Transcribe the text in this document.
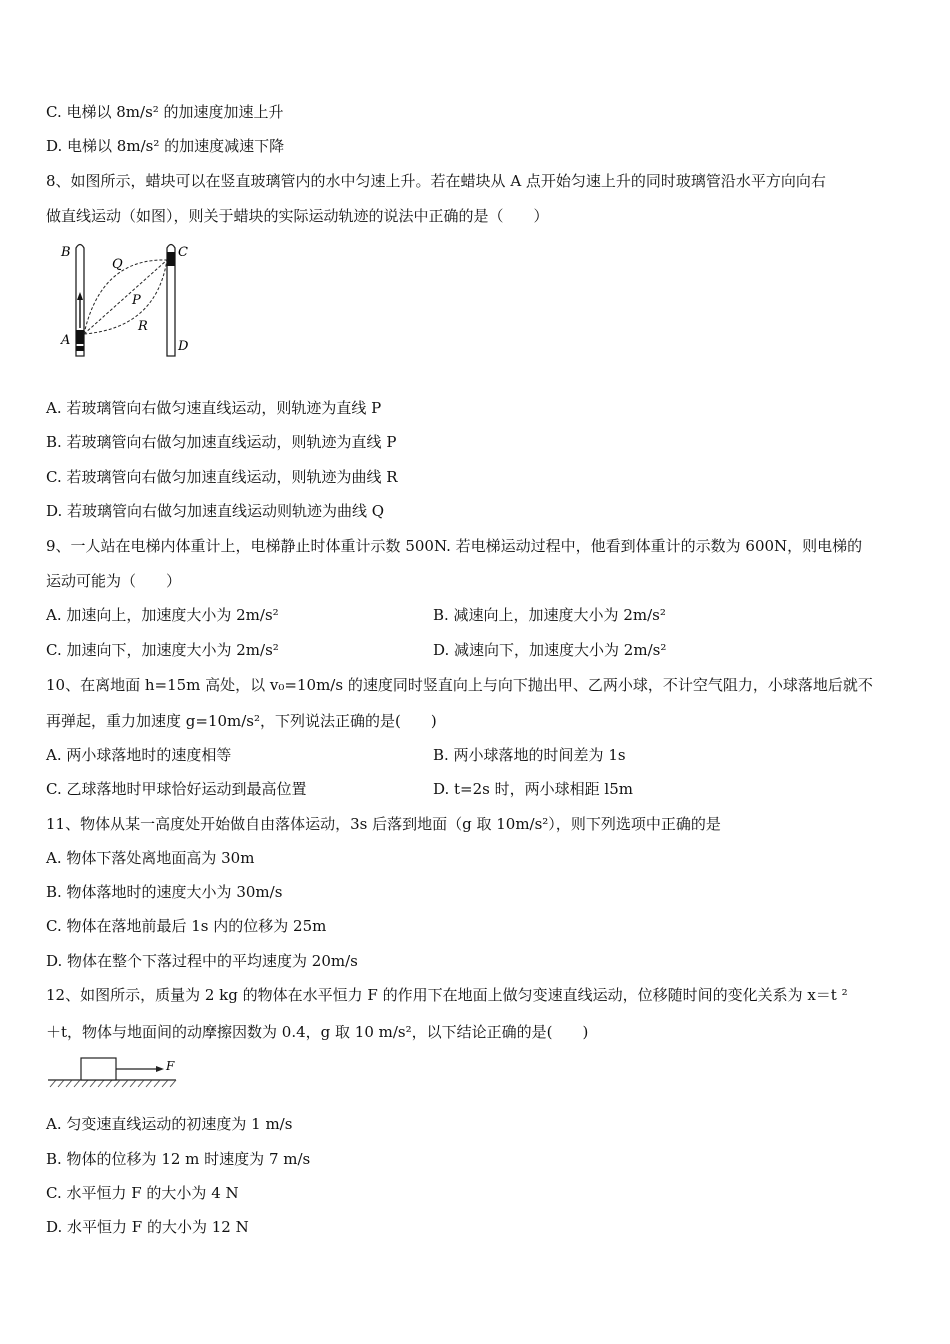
C. 电梯以 8m/s² 的加速度加速上升
D. 电梯以 8m/s² 的加速度减速下降
8、如图所示，蜡块可以在竖直玻璃管内的水中匀速上升。若在蜡块从 A 点开始匀速上升的同时玻璃管沿水平方向向右
做直线运动（如图），则关于蜡块的实际运动轨迹的说法中正确的是（　　）
B
Q
C
P
R
A	D
A. 若玻璃管向右做匀速直线运动，则轨迹为直线 P
B. 若玻璃管向右做匀加速直线运动，则轨迹为直线 P
C. 若玻璃管向右做匀加速直线运动，则轨迹为曲线 R
D. 若玻璃管向右做匀加速直线运动则轨迹为曲线 Q
9、一人站在电梯内体重计上，电梯静止时体重计示数 500N. 若电梯运动过程中，他看到体重计的示数为 600N，则电梯的
运动可能为（　　）
A. 加速向上，加速度大小为 2m/s²	B. 减速向上，加速度大小为 2m/s²
C. 加速向下，加速度大小为 2m/s²	D. 减速向下，加速度大小为 2m/s²
10、在离地面 h=15m 高处，以 v₀=10m/s 的速度同时竖直向上与向下抛出甲、乙两小球，不计空气阻力，小球落地后就不
再弹起，重力加速度 g=10m/s²，下列说法正确的是(　　)
A. 两小球落地时的速度相等	B. 两小球落地的时间差为 1s
C. 乙球落地时甲球恰好运动到最高位置	D. t=2s 时，两小球相距 l5m
11、物体从某一高度处开始做自由落体运动，3s 后落到地面（g 取 10m/s²），则下列选项中正确的是
A. 物体下落处离地面高为 30m
B. 物体落地时的速度大小为 30m/s
C. 物体在落地前最后 1s 内的位移为 25m
D. 物体在整个下落过程中的平均速度为 20m/s
12、如图所示，质量为 2 kg 的物体在水平恒力 F 的作用下在地面上做匀变速直线运动，位移随时间的变化关系为 x＝t ²
＋t，物体与地面间的动摩擦因数为 0.4，g 取 10 m/s²，以下结论正确的是(　　)
F
A. 匀变速直线运动的初速度为 1 m/s
B. 物体的位移为 12 m 时速度为 7 m/s
C. 水平恒力 F 的大小为 4 N
D. 水平恒力 F 的大小为 12 N
